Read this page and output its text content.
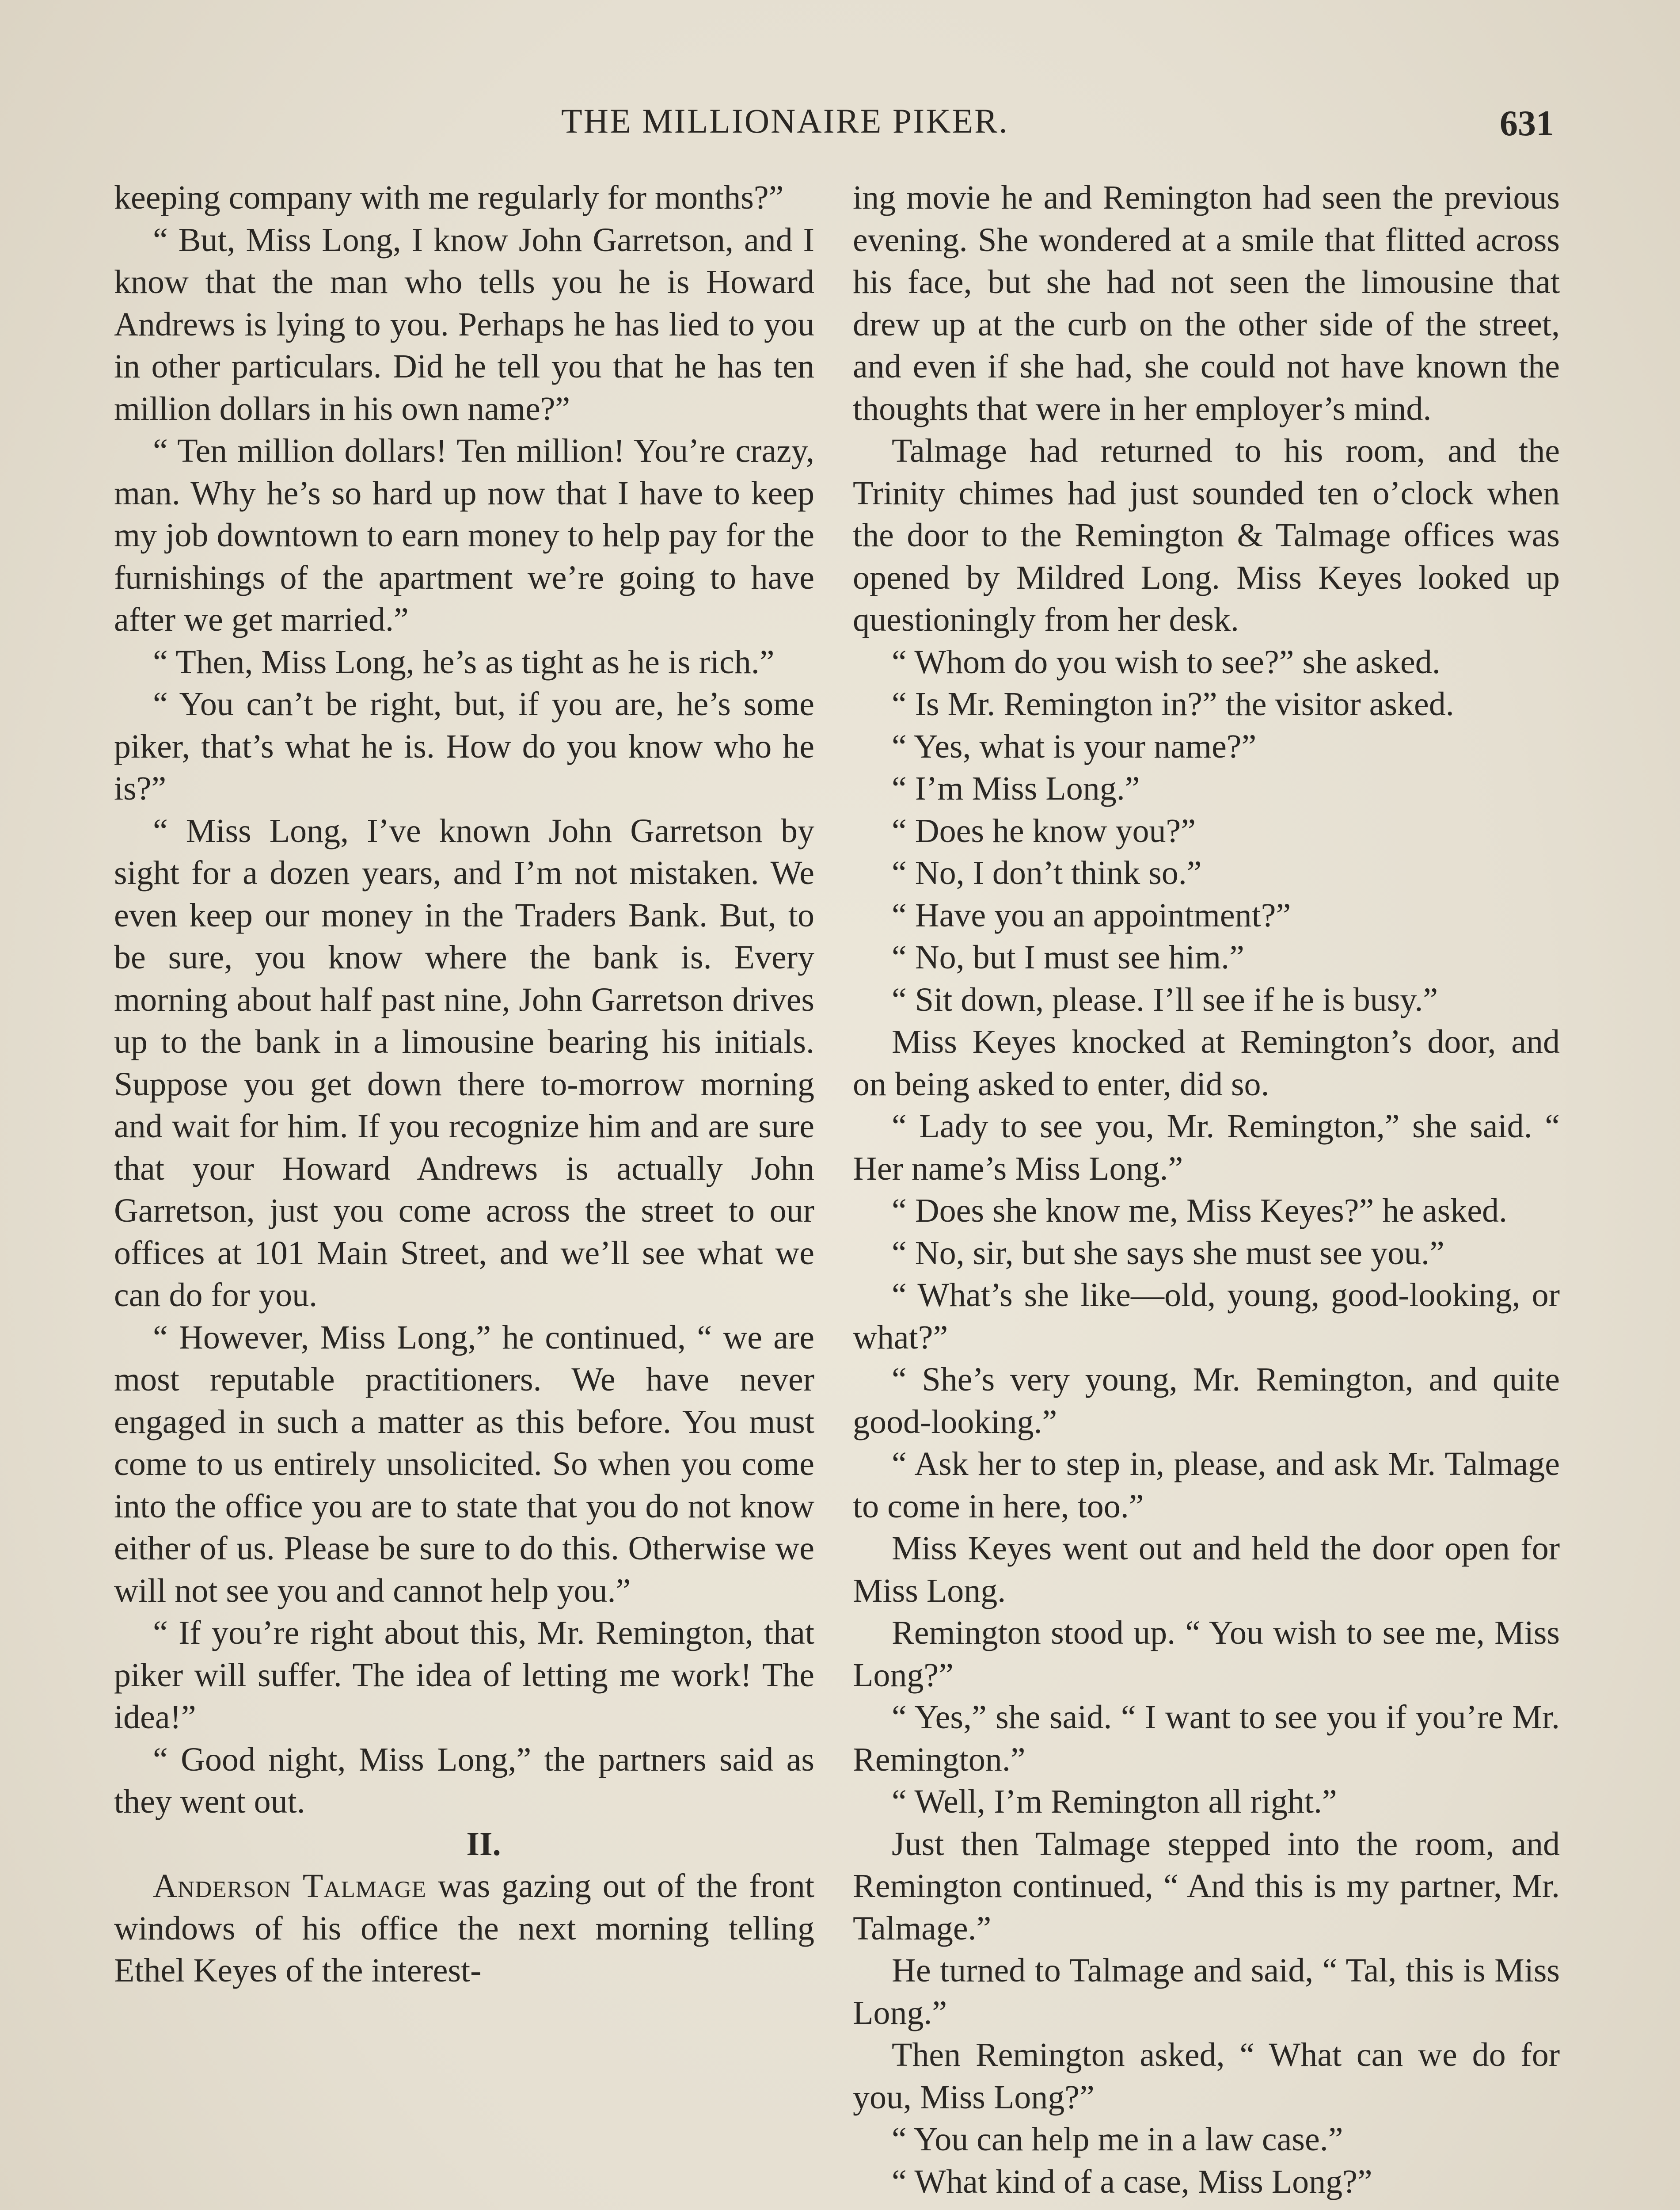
THE MILLIONAIRE PIKER.	631

keeping company with me regularly for months?”

“ But, Miss Long, I know John Garretson, and I know that the man who tells you he is Howard Andrews is lying to you. Perhaps he has lied to you in other particulars. Did he tell you that he has ten million dollars in his own name?”

“ Ten million dollars! Ten million! You’re crazy, man. Why he’s so hard up now that I have to keep my job downtown to earn money to help pay for the furnishings of the apartment we’re going to have after we get married.”

“ Then, Miss Long, he’s as tight as he is rich.”

“ You can’t be right, but, if you are, he’s some piker, that’s what he is. How do you know who he is?”

“ Miss Long, I’ve known John Garretson by sight for a dozen years, and I’m not mistaken. We even keep our money in the Traders Bank. But, to be sure, you know where the bank is. Every morning about half past nine, John Garretson drives up to the bank in a limousine bearing his initials. Suppose you get down there to-morrow morning and wait for him. If you recognize him and are sure that your Howard Andrews is actually John Garretson, just you come across the street to our offices at 101 Main Street, and we’ll see what we can do for you.

“ However, Miss Long,” he continued, “ we are most reputable practitioners. We have never engaged in such a matter as this before. You must come to us entirely unsolicited. So when you come into the office you are to state that you do not know either of us. Please be sure to do this. Otherwise we will not see you and cannot help you.”

“ If you’re right about this, Mr. Remington, that piker will suffer. The idea of letting me work! The idea!”

“ Good night, Miss Long,” the partners said as they went out.

II.

Anderson Talmage was gazing out of the front windows of his office the next morning telling Ethel Keyes of the interest-

ing movie he and Remington had seen the previous evening. She wondered at a smile that flitted across his face, but she had not seen the limousine that drew up at the curb on the other side of the street, and even if she had, she could not have known the thoughts that were in her employer’s mind.

Talmage had returned to his room, and the Trinity chimes had just sounded ten o’clock when the door to the Remington & Talmage offices was opened by Mildred Long. Miss Keyes looked up questioningly from her desk.

“ Whom do you wish to see?” she asked.

“ Is Mr. Remington in?” the visitor asked.

“ Yes, what is your name?”

“ I’m Miss Long.”

“ Does he know you?”

“ No, I don’t think so.”

“ Have you an appointment?”

“ No, but I must see him.”

“ Sit down, please. I’ll see if he is busy.”

Miss Keyes knocked at Remington’s door, and on being asked to enter, did so.

“ Lady to see you, Mr. Remington,” she said. “ Her name’s Miss Long.”

“ Does she know me, Miss Keyes?” he asked.

“ No, sir, but she says she must see you.”

“ What’s she like—old, young, good-looking, or what?”

“ She’s very young, Mr. Remington, and quite good-looking.”

“ Ask her to step in, please, and ask Mr. Talmage to come in here, too.”

Miss Keyes went out and held the door open for Miss Long.

Remington stood up. “ You wish to see me, Miss Long?”

“ Yes,” she said. “ I want to see you if you’re Mr. Remington.”

“ Well, I’m Remington all right.”

Just then Talmage stepped into the room, and Remington continued, “ And this is my partner, Mr. Talmage.”

He turned to Talmage and said, “ Tal, this is Miss Long.”

Then Remington asked, “ What can we do for you, Miss Long?”

“ You can help me in a law case.”

“ What kind of a case, Miss Long?”
